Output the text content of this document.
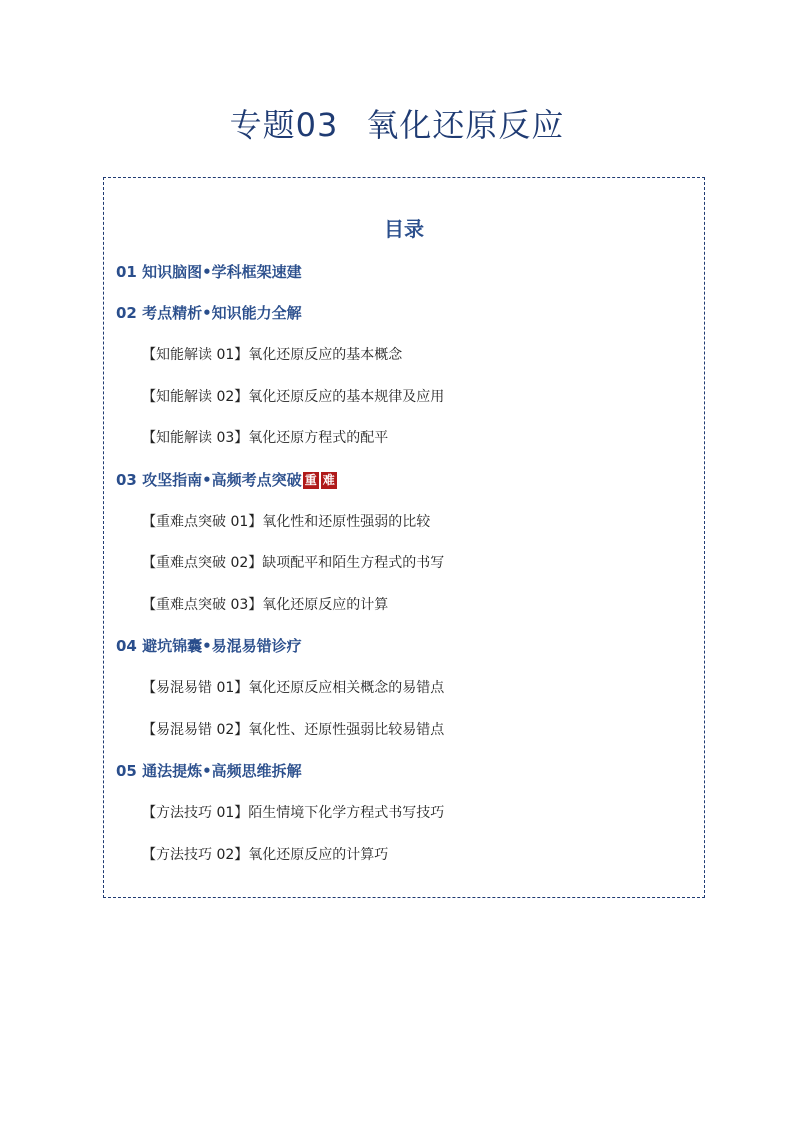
专题03 氧化还原反应
目录
01 知识脑图•学科框架速建
02 考点精析•知识能力全解
【知能解读 01】氧化还原反应的基本概念
【知能解读 02】氧化还原反应的基本规律及应用
【知能解读 03】氧化还原方程式的配平
03 攻坚指南•高频考点突破 重 难
【重难点突破 01】氧化性和还原性强弱的比较
【重难点突破 02】缺项配平和陌生方程式的书写
【重难点突破 03】氧化还原反应的计算
04 避坑锦囊•易混易错诊疗
【易混易错 01】氧化还原反应相关概念的易错点
【易混易错 02】氧化性、还原性强弱比较易错点
05 通法提炼•高频思维拆解
【方法技巧 01】陌生情境下化学方程式书写技巧
【方法技巧 02】氧化还原反应的计算巧
